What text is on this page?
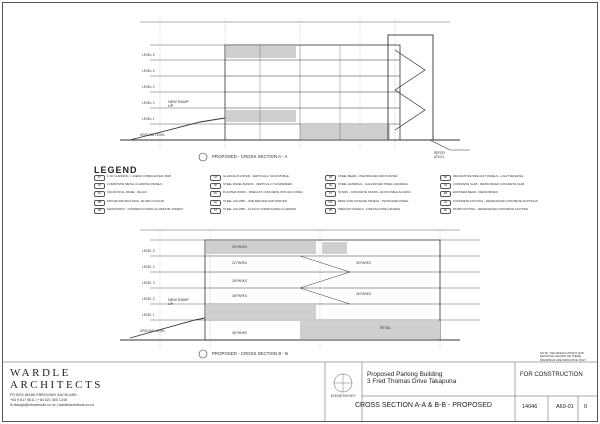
PROPOSED - CROSS SECTION A - A
PROPOSED - CROSS SECTION B - B
NEW RAMP UP
NEW RAMP UP
REFER AT6.01
LEVEL 5
LEVEL 4
LEVEL 3
LEVEL 2
LEVEL 1
GROUND LEVEL
LEVEL 5
LEVEL 4
LEVEL 3
LEVEL 2
LEVEL 1
GROUND LEVEL
23 PARKS
22 PARKS	28 PARKS
28 PARKS
38 PARKS
RETAIL
28 PARKS
38 PARKS
LEGEND
FC	F-30 CLADDING - LINEAR CORRUGATED, 0MM
CP	COMPOSITE METAL CLADDING PANELS
SG	SOLID INFILL PANEL - BLACK
PB	PROJECTED BUILDING, SILVER COLOUR
SB	SHOPFRONT - POWDER COATED ALUMINIUM JOINERY
GP	GLAZING PLANTER - VERTICALLY ADJUSTABLE
SP	STEEL PANEL BLINDS - VERTICALLY SUSPENDED
PC	PLANTER WORK - PRECAST CONCRETE WITH ED FINISH
SC	STEEL COLUMN - ONE BRACED AND PAINTED
ST	STEEL COLUMN - CLAD IN CORRUGATED CLADDING
SB	STEEL BEAM - ONE BRACED AND PAINTED
SH	STEEL HANDRAIL - GALVANISED STEEL HANDRAIL
ST	STAIRS - CONCRETE STAIRS, ADJUSTABLE ACCESS
MS	MESH FOR SIGNAGE PANELS - TENSIONED PANEL
PP	PRECAST PANELS - FINE MACHINE GRADED
DP	DECORATIVE PRECAST PANELS - LIGHT MESHING
CS	CONCRETE SLAB - REINFORCED CONCRETE SLAB
EB	EXPOSED BEAM - REINFORCED
CF	CONCRETE FOOTING - REINFORCED CONCRETE FOOTINGS
SF	STRIP FOOTING - REINFORCED CONCRETE FOOTING
WARDLE
ARCHITECTS
PO BOX 80188 GREEN BAY AUCKLAND
+64 9 817 5611 | +64 021 300 1248
lh.tbaugh@cleanbreak.co.nz | wardlearchitects.co.nz
ELEVATION KEY
Proposed Parking Building
3 Fred Thomas Drive Takapuna
CROSS SECTION A-A & B-B - PROPOSED
FOR CONSTRUCTION
14046	A60-01 0
NOTE: THE DESIGN INTENT AND DETAILING SHOWN ON THESE DRAWINGS ARE INDICATIVE ONLY
